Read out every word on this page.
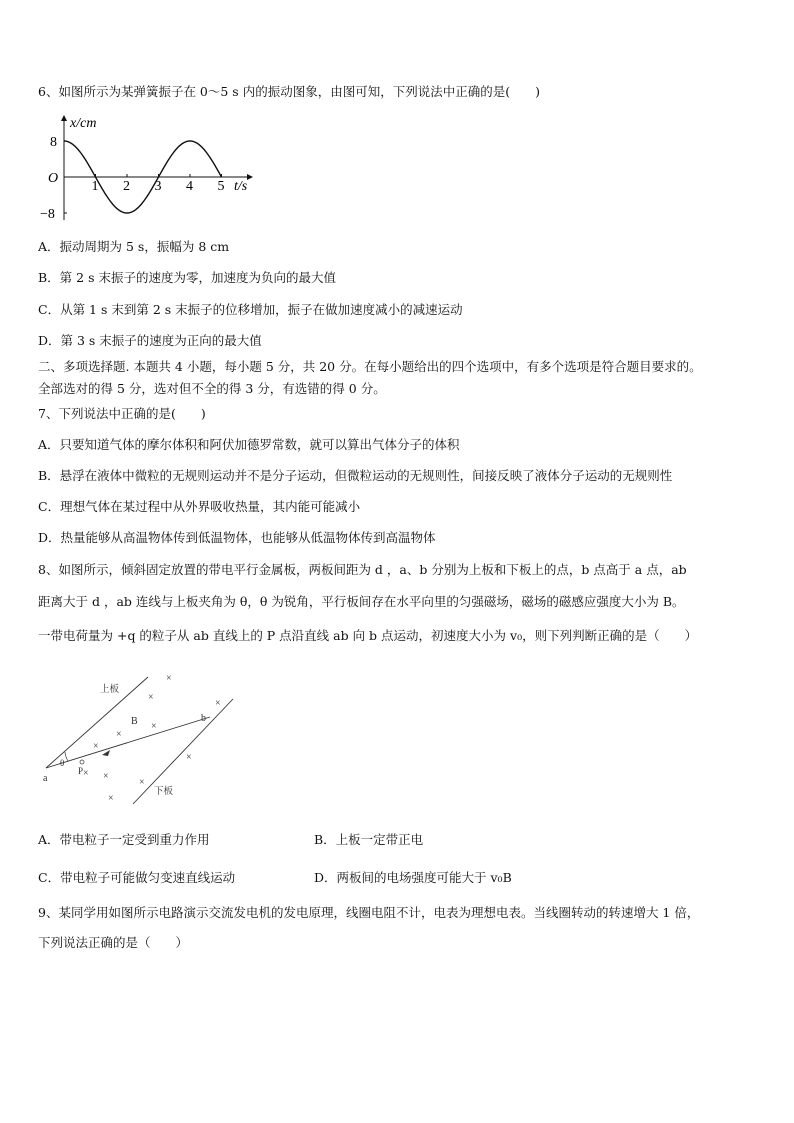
6、如图所示为某弹簧振子在 0～5 s 内的振动图象，由图可知，下列说法中正确的是(　　)
x/cm
t/s
O
1 2 3 4 5
8
−8
A．振动周期为 5 s，振幅为 8 cm
B．第 2 s 末振子的速度为零，加速度为负向的最大值
C．从第 1 s 末到第 2 s 末振子的位移增加，振子在做加速度减小的减速运动
D．第 3 s 末振子的速度为正向的最大值
二、多项选择题. 本题共 4 小题，每小题 5 分，共 20 分。在每小题给出的四个选项中，有多个选项是符合题目要求的。
全部选对的得 5 分，选对但不全的得 3 分，有选错的得 0 分。
7、下列说法中正确的是(　　)
A．只要知道气体的摩尔体积和阿伏加德罗常数，就可以算出气体分子的体积
B．悬浮在液体中微粒的无规则运动并不是分子运动，但微粒运动的无规则性，间接反映了液体分子运动的无规则性
C．理想气体在某过程中从外界吸收热量，其内能可能减小
D．热量能够从高温物体传到低温物体，也能够从低温物体传到高温物体
8、如图所示，倾斜固定放置的带电平行金属板，两板间距为 d ，a、b 分别为上板和下板上的点，b 点高于 a 点，ab
距离大于 d ，ab 连线与上板夹角为 θ，θ 为锐角，平行板间存在水平向里的匀强磁场，磁场的磁感应强度大小为 B。
一带电荷量为 +q 的粒子从 ab 直线上的 P 点沿直线 ab 向 b 点运动，初速度大小为 v₀，则下列判断正确的是（　　）
上板
下板
a
b
B
θ
P
×
×
×
×
×
× ×
×
×
×
×
A．带电粒子一定受到重力作用	B．上板一定带正电
C．带电粒子可能做匀变速直线运动	D．两板间的电场强度可能大于 v₀B
9、某同学用如图所示电路演示交流发电机的发电原理，线圈电阻不计，电表为理想电表。当线圈转动的转速增大 1 倍，
下列说法正确的是（　　）
